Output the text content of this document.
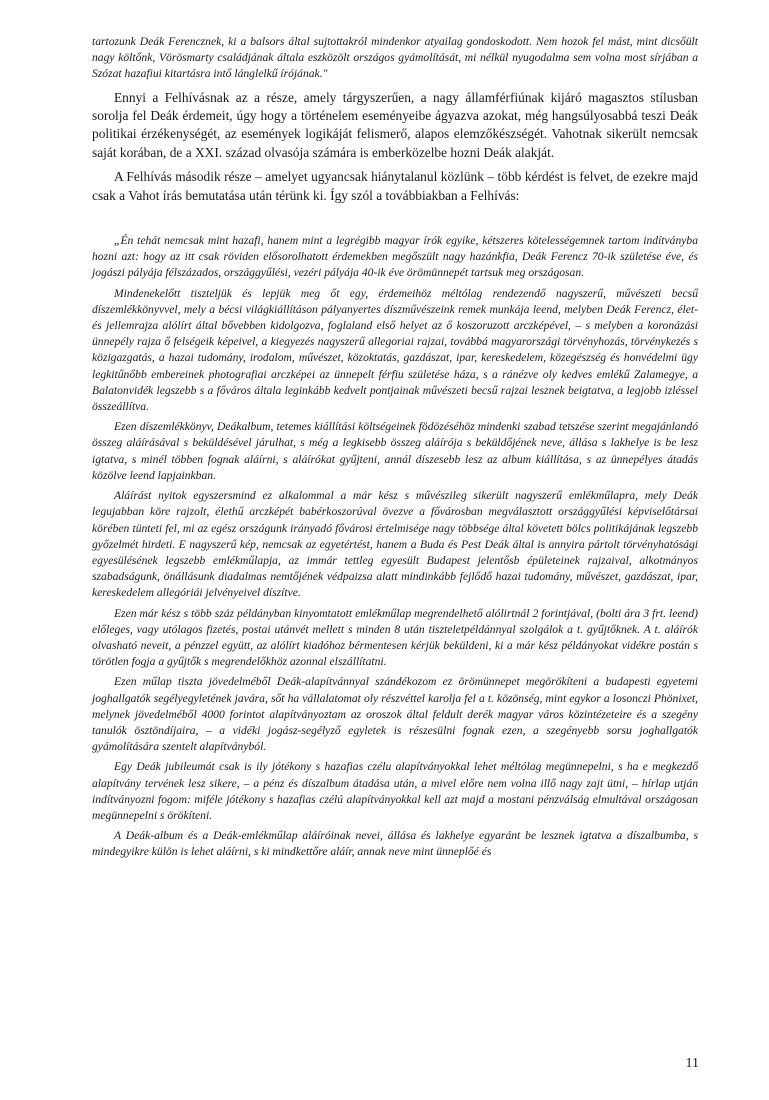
tartozunk Deák Ferencznek, ki a balsors által sujtottakról mindenkor atyailag gondoskodott. Nem hozok fel mást, mint dicsőült nagy költőnk, Vörösmarty családjának általa eszközölt országos gyámolítását, mi nélkül nyugodalma sem volna most sírjában a Szózat hazafiui kitartásra intő lánglelkű írójának."

Ennyi a Felhívásnak az a része, amely tárgyszerűen, a nagy államférfiúnak kijáró magasztos stílusban sorolja fel Deák érdemeit, úgy hogy a történelem eseményeibe ágyazva azokat, még hangsúlyosabbá teszi Deák politikai érzékenységét, az események logikáját felismerő, alapos elemzőkészségét. Vahotnak sikerült nemcsak saját korában, de a XXI. század olvasója számára is emberközelbe hozni Deák alakját.

A Felhívás második része – amelyet ugyancsak hiánytalanul közlünk – több kérdést is felvet, de ezekre majd csak a Vahot írás bemutatása után térünk ki. Így szól a továbbiakban a Felhívás:

„Én tehát nemcsak mint hazafi, hanem mint a legrégibb magyar írók egyike, kétszeres kötelességemnek tartom indítványba hozni azt: hogy az itt csak röviden elősorolhatott érdemekben megőszült nagy hazánkfia, Deák Ferencz 70-ik születése éve, és jogászi pályája félszázados, országgyűlési, vezéri pályája 40-ik éve örömünnepét tartsuk meg országosan.

Mindenekelőtt tiszteljük és lepjük meg őt egy, érdemeihöz méltólag rendezendő nagyszerű, művészeti becsű díszemlékkönyvvel, mely a bécsi világkiállításon pályanyertes díszművészeink remek munkája leend, melyben Deák Ferencz, élet- és jellemrajza alólírt által bővebben kidolgozva, foglaland első helyet az ő koszoruzott arczképével, – s melyben a koronázási ünnepély rajza ő felségeik képeivel, a kiegyezés nagyszerű allegoriai rajzai, továbbá magyarországi törvényhozás, törvénykezés s közigazgatás, a hazai tudomány, irodalom, művészet, közoktatás, gazdászat, ipar, kereskedelem, közegészség és honvédelmi ügy legkitűnőbb embereinek photografiai arczképei az ünnepelt férfiu születése háza, s a ránézve oly kedves emlékű Zalamegye, a Balatonvidék legszebb s a főváros általa leginkább kedvelt pontjainak művészeti becsű rajzai lesznek beigtatva, a legjobb izléssel összeállítva.

Ezen díszemlékkönyv, Deákalbum, tetemes kiállítási költségeinek födözéséhöz mindenki szabad tetszése szerint megajánlandó összeg aláírásával s beküldésével járulhat, s még a legkisebb összeg aláírója s beküldőjének neve, állása s lakhelye is be lesz igtatva, s minél többen fognak aláírni, s aláírókat gyűjteni, annál díszesebb lesz az album kiállítása, s az ünnepélyes átadás közölve leend lapjainkban.

Aláírást nyitok egyszersmind ez alkalommal a már kész s művészileg sikerült nagyszerű emlékműlapra, mely Deák legujabban köre rajzolt, élethű arczképét babérkoszorúval övezve a fővárosban megválasztott országgyűlési képviselőtársai körében tünteti fel, mi az egész országunk irányadó fővárosi értelmisége nagy többsége által követett bölcs politikájának legszebb győzelmét hirdeti. E nagyszerű kép, nemcsak az egyetértést, hanem a Buda és Pest Deák által is annyira pártolt törvényhatósági egyesülésének legszebb emlékműlapja, az immár tettleg egyesült Budapest jelentősb épületeinek rajzaival, alkotmányos szabadságunk, önállásunk diadalmas nemtőjének védpaizsa alatt mindinkább fejlődő hazai tudomány, művészet, gazdászat, ipar, kereskedelem allegóriái jelvényeivel díszítve.

Ezen már kész s több száz példányban kinyomtatott emlékműlap megrendelhető alólirtnál 2 forintjával, (bolti ára 3 frt. leend) előleges, vagy utólagos fizetés, postai utánvét mellett s minden 8 után tiszteletpéldánnyal szolgálok a t. gyűjtőknek. A t. aláírók olvasható neveit, a pénzzel együtt, az alólírt kiadóhoz bérmentesen kérjük beküldeni, ki a már kész példányokat vidékre postán s törötlen fogja a gyűjtők s megrendelőkhöz azonnal elszállítatni.

Ezen műlap tiszta jövedelméből Deák-alapítvánnyal szándékozom ez örömünnepet megörökíteni a budapesti egyetemi joghallgatók segélyegyletének javára, sőt ha vállalatomat oly részvéttel karolja fel a t. közönség, mint egykor a losonczi Phönixet, melynek jövedelméből 4000 forintot alapítványoztam az oroszok által feldult derék magyar város közintézeteire és a szegény tanulók ösztöndíjaira, – a vidéki jogász-segélyző egyletek is részesülni fognak ezen, a szegényebb sorsu joghallgatók gyámolítására szentelt alapítványból.

Egy Deák jubileumát csak is ily jótékony s hazafias czélu alapítványokkal lehet méltólag megünnepelni, s ha e megkezdő alapítvány tervének lesz sikere, – a pénz és díszalbum átadása után, a mivel előre nem volna illő nagy zajt ütni, – hírlap utján indítványozni fogom: miféle jótékony s hazafias czélú alapítványokkal kell azt majd a mostani pénzválság elmultával országosan megünnepelni s örökíteni.

A Deák-album és a Deák-emlékműlap aláíróinak nevei, állása és lakhelye egyaránt be lesznek igtatva a díszalbumba, s mindegyikre külön is lehet aláírni, s ki mindkettőre aláír, annak neve mint ünneplőé és

11
